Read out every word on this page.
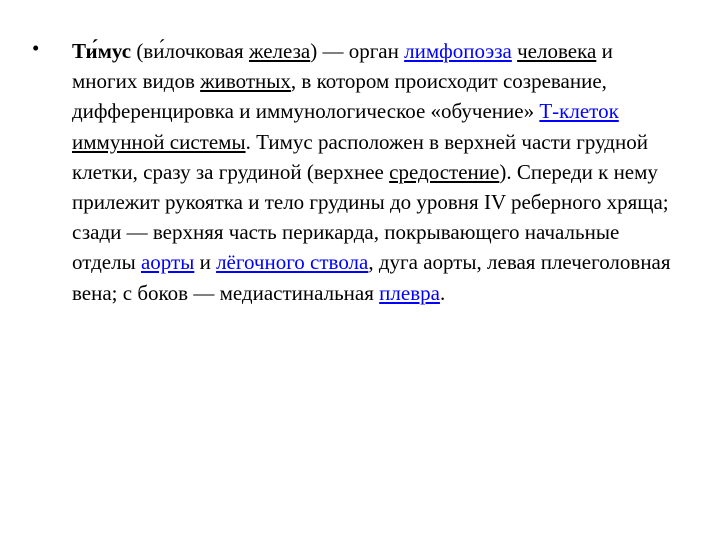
• Ти́мус (ви́лочковая железа) — орган лимфопоэза человека и многих видов животных, в котором происходит созревание, дифференцировка и иммунологическое «обучение» Т-клеток иммунной системы. Тимус расположен в верхней части грудной клетки, сразу за грудиной (верхнее средостение). Спереди к нему прилежит рукоятка и тело грудины до уровня IV реберного хряща; сзади — верхняя часть перикарда, покрывающего начальные отделы аорты и лёгочного ствола, дуга аорты, левая плечеголовная вена; с боков — медиастинальная плевра.
